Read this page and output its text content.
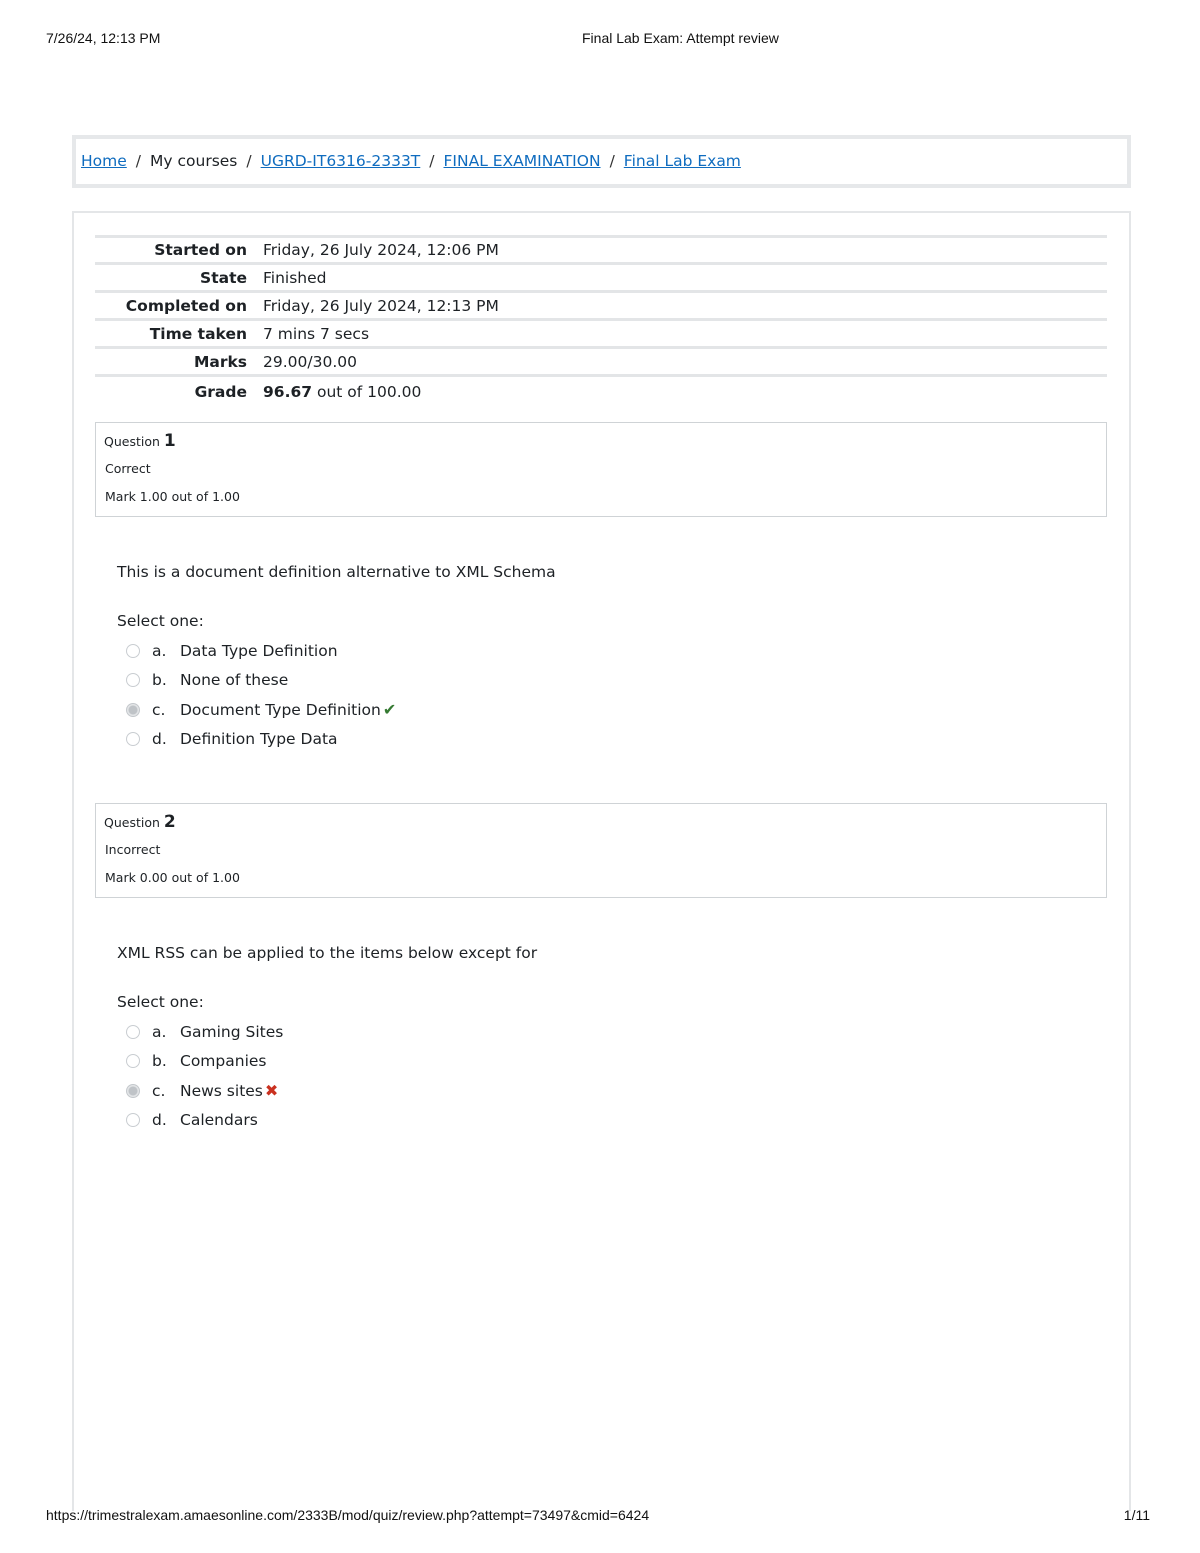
7/26/24, 12:13 PM	Final Lab Exam: Attempt review
Home / My courses / UGRD-IT6316-2333T / FINAL EXAMINATION / Final Lab Exam
Started on	Friday, 26 July 2024, 12:06 PM
State	Finished
Completed on	Friday, 26 July 2024, 12:13 PM
Time taken	7 mins 7 secs
Marks	29.00/30.00
Grade	96.67 out of 100.00
Question 1
Correct
Mark 1.00 out of 1.00
This is a document definition alternative to XML Schema
Select one:
a. Data Type Definition
b. None of these
c. Document Type Definition ✔
d. Definition Type Data
Question 2
Incorrect
Mark 0.00 out of 1.00
XML RSS can be applied to the items below except for
Select one:
a. Gaming Sites
b. Companies
c. News sites ✖
d. Calendars
https://trimestralexam.amaesonline.com/2333B/mod/quiz/review.php?attempt=73497&cmid=6424	1/11
